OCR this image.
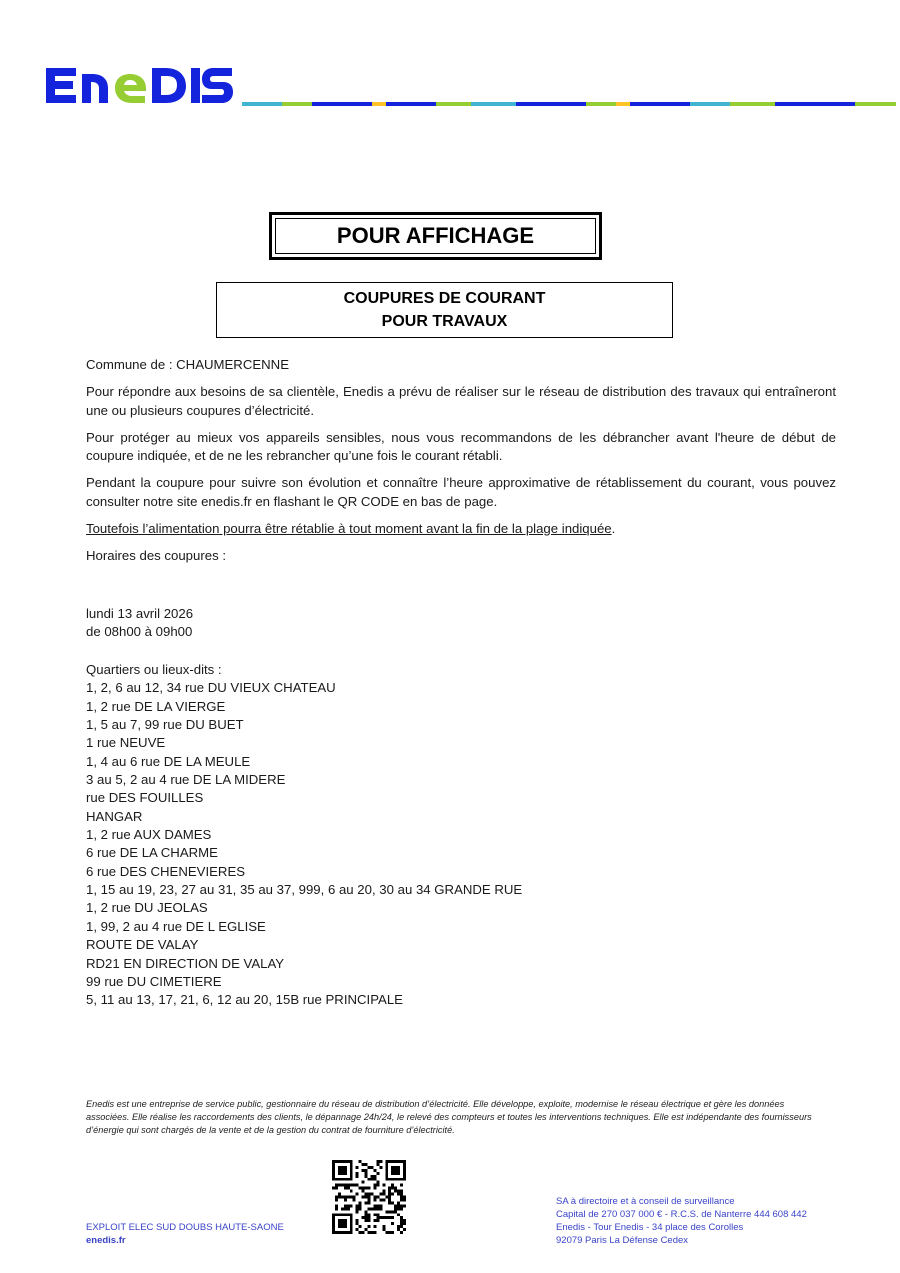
POUR AFFICHAGE
COUPURES DE COURANT
POUR TRAVAUX

Commune de : CHAUMERCENNE

Pour répondre aux besoins de sa clientèle, Enedis a prévu de réaliser sur le réseau de distribution des travaux qui entraîneront une ou plusieurs coupures d’électricité.

Pour protéger au mieux vos appareils sensibles, nous vous recommandons de les débrancher avant l'heure de début de coupure indiquée, et de ne les rebrancher qu’une fois le courant rétabli.

Pendant la coupure pour suivre son évolution et connaître l’heure approximative de rétablissement du courant, vous pouvez consulter notre site enedis.fr en flashant le QR CODE en bas de page.

Toutefois l’alimentation pourra être rétablie à tout moment avant la fin de la plage indiquée.

Horaires des coupures :

lundi 13 avril 2026
de 08h00 à 09h00
Quartiers ou lieux-dits :
1, 2, 6 au 12, 34 rue DU VIEUX CHATEAU
1, 2 rue DE LA VIERGE
1, 5 au 7, 99 rue DU BUET
1 rue NEUVE
1, 4 au 6 rue DE LA MEULE
3 au 5, 2 au 4 rue DE LA MIDERE
rue DES FOUILLES
HANGAR
1, 2 rue AUX DAMES
6 rue DE LA CHARME
6 rue DES CHENEVIERES
1, 15 au 19, 23, 27 au 31, 35 au 37, 999, 6 au 20, 30 au 34 GRANDE RUE
1, 2 rue DU JEOLAS
1, 99, 2 au 4 rue DE L EGLISE
ROUTE DE VALAY
RD21 EN DIRECTION DE VALAY
99 rue DU CIMETIERE
5, 11 au 13, 17, 21, 6, 12 au 20, 15B rue PRINCIPALE
Enedis est une entreprise de service public, gestionnaire du réseau de distribution d’électricité. Elle développe, exploite, modernise le réseau électrique et gère les données associées. Elle réalise les raccordements des clients, le dépannage 24h/24, le relevé des compteurs et toutes les interventions techniques. Elle est indépendante des fournisseurs d’énergie qui sont chargés de la vente et de la gestion du contrat de fourniture d’électricité.
EXPLOIT ELEC SUD DOUBS HAUTE-SAONE
enedis.fr
SA à directoire et à conseil de surveillance
Capital de 270 037 000 € - R.C.S. de Nanterre 444 608 442
Enedis - Tour Enedis - 34 place des Corolles
92079 Paris La Défense Cedex
